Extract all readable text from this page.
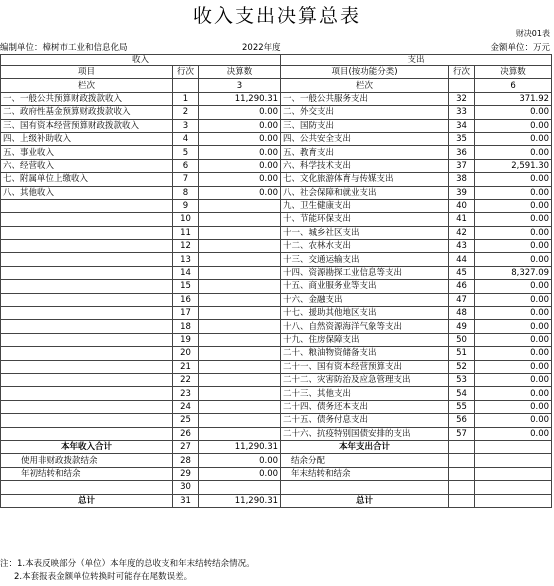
收入支出决算总表
财决01表
编制单位：樟树市工业和信息化局	2022年度	金额单位：万元
收入			支出		
项目	行次	决算数	项目(按功能分类)	行次	决算数
栏次		3	栏次		6
一、一般公共预算财政拨款收入	1	11,290.31	一、一般公共服务支出	32	371.92
二、政府性基金预算财政拨款收入	2	0.00	二、外交支出	33	0.00
三、国有资本经营预算财政拨款收入	3	0.00	三、国防支出	34	0.00
四、上级补助收入	4	0.00	四、公共安全支出	35	0.00
五、事业收入	5	0.00	五、教育支出	36	0.00
六、经营收入	6	0.00	六、科学技术支出	37	2,591.30
七、附属单位上缴收入	7	0.00	七、文化旅游体育与传媒支出	38	0.00
八、其他收入	8	0.00	八、社会保障和就业支出	39	0.00
	9		九、卫生健康支出	40	0.00
	10		十、节能环保支出	41	0.00
	11		十一、城乡社区支出	42	0.00
	12		十二、农林水支出	43	0.00
	13		十三、交通运输支出	44	0.00
	14		十四、资源勘探工业信息等支出	45	8,327.09
	15		十五、商业服务业等支出	46	0.00
	16		十六、金融支出	47	0.00
	17		十七、援助其他地区支出	48	0.00
	18		十八、自然资源海洋气象等支出	49	0.00
	19		十九、住房保障支出	50	0.00
	20		二十、粮油物资储备支出	51	0.00
	21		二十一、国有资本经营预算支出	52	0.00
	22		二十二、灾害防治及应急管理支出	53	0.00
	23		二十三、其他支出	54	0.00
	24		二十四、债务还本支出	55	0.00
	25		二十五、债务付息支出	56	0.00
	26		二十六、抗疫特别国债安排的支出	57	0.00
本年收入合计	27	11,290.31	本年支出合计		
使用非财政拨款结余	28	0.00	结余分配		
年初结转和结余	29	0.00	年末结转和结余		
	30				
总计	31	11,290.31	总计		
注：1.本表反映部分（单位）本年度的总收支和年末结转结余情况。
2.本套报表金额单位转换时可能存在尾数误差。
